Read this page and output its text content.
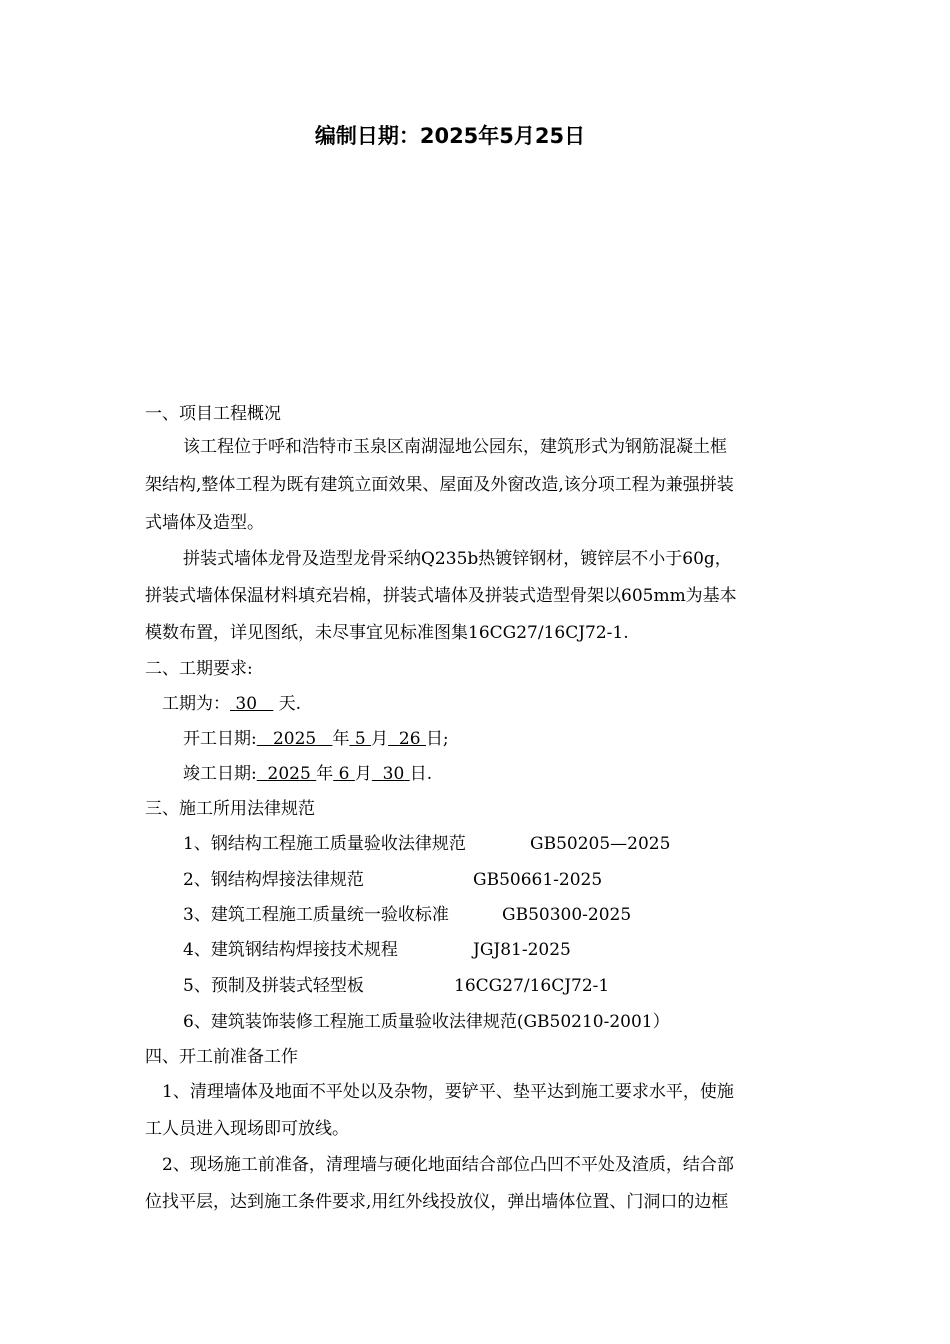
编制日期：2025年5月25日
一、项目工程概况
该工程位于呼和浩特市玉泉区南湖湿地公园东，建筑形式为钢筋混凝土框
架结构,整体工程为既有建筑立面效果、屋面及外窗改造,该分项工程为兼强拼装
式墙体及造型。
拼装式墙体龙骨及造型龙骨采纳Q235b热镀锌钢材，镀锌层不小于60g，
拼装式墙体保温材料填充岩棉，拼装式墙体及拼装式造型骨架以605mm为基本
模数布置，详见图纸，未尽事宜见标准图集16CG27/16CJ72-1.
二、工期要求:
工期为： 30 天.
开工日期: 2025 年 5 月 26 日;
竣工日期: 2025 年 6 月 30 日.
三、施工所用法律规范
1、钢结构工程施工质量验收法律规范	GB50205—2025
2、钢结构焊接法律规范	GB50661-2025
3、建筑工程施工质量统一验收标准	GB50300-2025
4、建筑钢结构焊接技术规程	JGJ81-2025
5、预制及拼装式轻型板	16CG27/16CJ72-1
6、建筑装饰装修工程施工质量验收法律规范(GB50210-2001）
四、开工前准备工作
1、清理墙体及地面不平处以及杂物，要铲平、垫平达到施工要求水平，使施
工人员进入现场即可放线。
2、现场施工前准备，清理墙与硬化地面结合部位凸凹不平处及渣质，结合部
位找平层，达到施工条件要求,用红外线投放仪，弹出墙体位置、门洞口的边框
